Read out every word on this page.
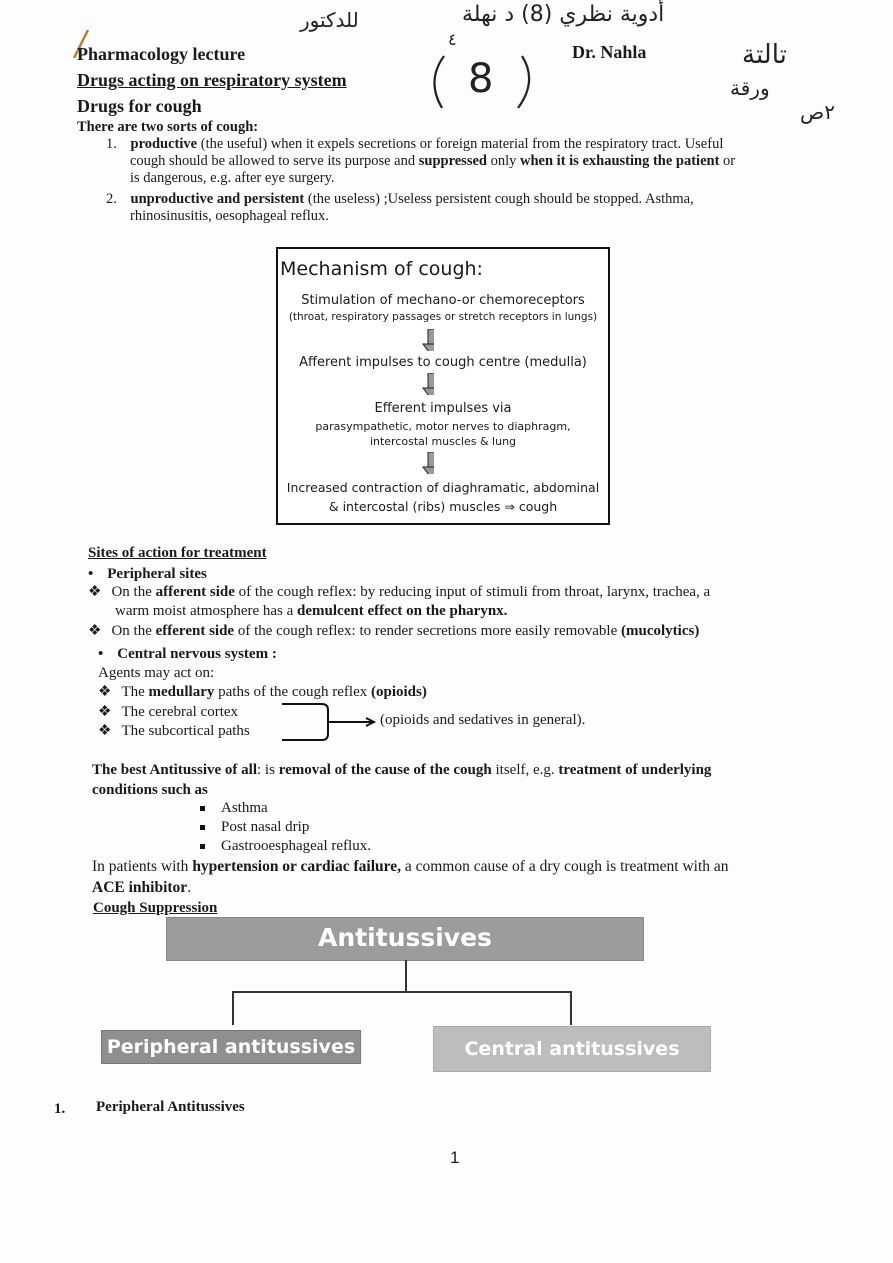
للدكتور	أدوية نظري (8) د نهلة
٤
8
تالتة
ورقة
٢ص
Pharmacology lecture	Dr. Nahla
Drugs acting on respiratory system
Drugs for cough
There are two sorts of cough:
1. productive (the useful) when it expels secretions or foreign material from the respiratory tract. Useful
cough should be allowed to serve its purpose and suppressed only when it is exhausting the patient or
is dangerous, e.g. after eye surgery.
2. unproductive and persistent (the useless) ;Useless persistent cough should be stopped. Asthma,
rhinosinusitis, oesophageal reflux.
Mechanism of cough:
Stimulation of mechano-or chemoreceptors
(throat, respiratory passages or stretch receptors in lungs)
Afferent impulses to cough centre (medulla)
Efferent impulses via
parasympathetic, motor nerves to diaphragm,
intercostal muscles & lung
Increased contraction of diaghramatic, abdominal
& intercostal (ribs) muscles ⇒ cough
Sites of action for treatment
• Peripheral sites
❖ On the afferent side of the cough reflex: by reducing input of stimuli from throat, larynx, trachea, a
warm moist atmosphere has a demulcent effect on the pharynx.
❖ On the efferent side of the cough reflex: to render secretions more easily removable (mucolytics)
• Central nervous system :
Agents may act on:
❖ The medullary paths of the cough reflex (opioids)
❖ The cerebral cortex
❖ The subcortical paths
(opioids and sedatives in general).
The best Antitussive of all: is removal of the cause of the cough itself, e.g. treatment of underlying
conditions such as
Asthma
Post nasal drip
Gastrooesphageal reflux.
In patients with hypertension or cardiac failure, a common cause of a dry cough is treatment with an
ACE inhibitor.
Cough Suppression
Antitussives
Peripheral antitussives	Central antitussives
1. Peripheral Antitussives
1
